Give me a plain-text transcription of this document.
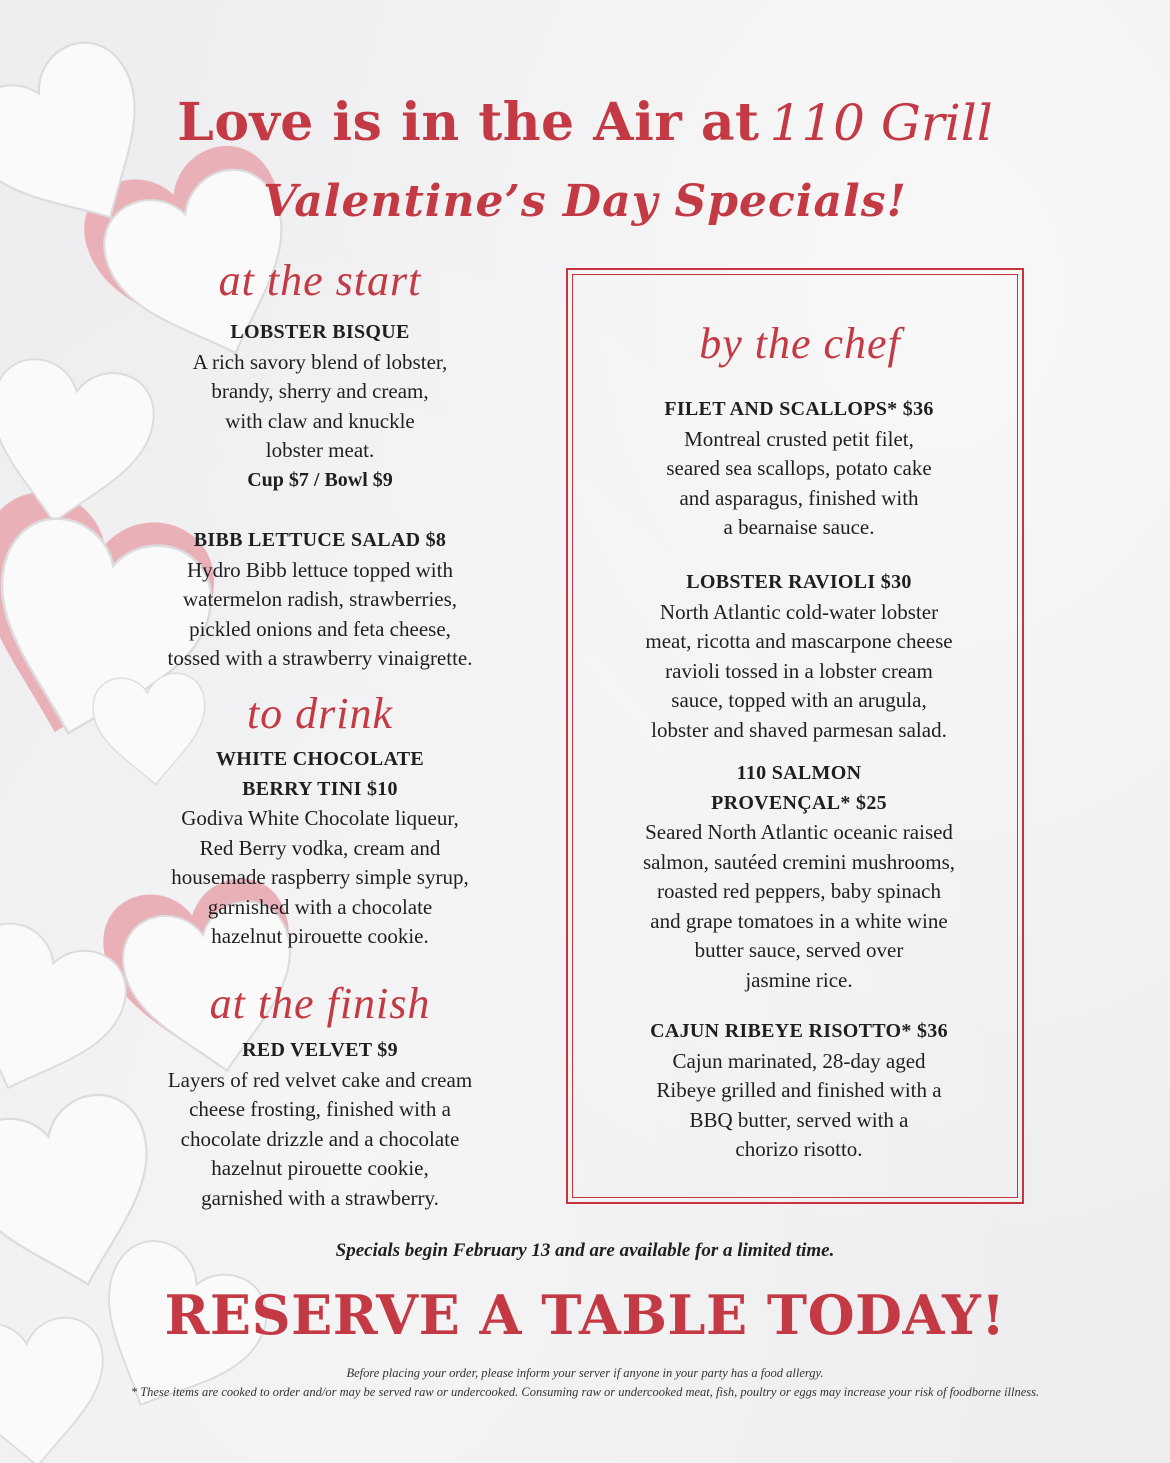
Love is in the Air at 110 Grill
Valentine’s Day Specials!
at the start
LOBSTER BISQUE
A rich savory blend of lobster,
brandy, sherry and cream,
with claw and knuckle
lobster meat.
Cup $7 / Bowl $9
BIBB LETTUCE SALAD $8
Hydro Bibb lettuce topped with
watermelon radish, strawberries,
pickled onions and feta cheese,
tossed with a strawberry vinaigrette.
to drink
WHITE CHOCOLATE
BERRY TINI $10
Godiva White Chocolate liqueur,
Red Berry vodka, cream and
housemade raspberry simple syrup,
garnished with a chocolate
hazelnut pirouette cookie.
at the finish
RED VELVET $9
Layers of red velvet cake and cream
cheese frosting, finished with a
chocolate drizzle and a chocolate
hazelnut pirouette cookie,
garnished with a strawberry.
by the chef
FILET AND SCALLOPS* $36
Montreal crusted petit filet,
seared sea scallops, potato cake
and asparagus, finished with
a bearnaise sauce.
LOBSTER RAVIOLI $30
North Atlantic cold-water lobster
meat, ricotta and mascarpone cheese
ravioli tossed in a lobster cream
sauce, topped with an arugula,
lobster and shaved parmesan salad.
110 SALMON
PROVENÇAL* $25
Seared North Atlantic oceanic raised
salmon, sautéed cremini mushrooms,
roasted red peppers, baby spinach
and grape tomatoes in a white wine
butter sauce, served over
jasmine rice.
CAJUN RIBEYE RISOTTO* $36
Cajun marinated, 28-day aged
Ribeye grilled and finished with a
BBQ butter, served with a
chorizo risotto.
Specials begin February 13 and are available for a limited time.
RESERVE A TABLE TODAY!
Before placing your order, please inform your server if anyone in your party has a food allergy.
* These items are cooked to order and/or may be served raw or undercooked. Consuming raw or undercooked meat, fish, poultry or eggs may increase your risk of foodborne illness.
